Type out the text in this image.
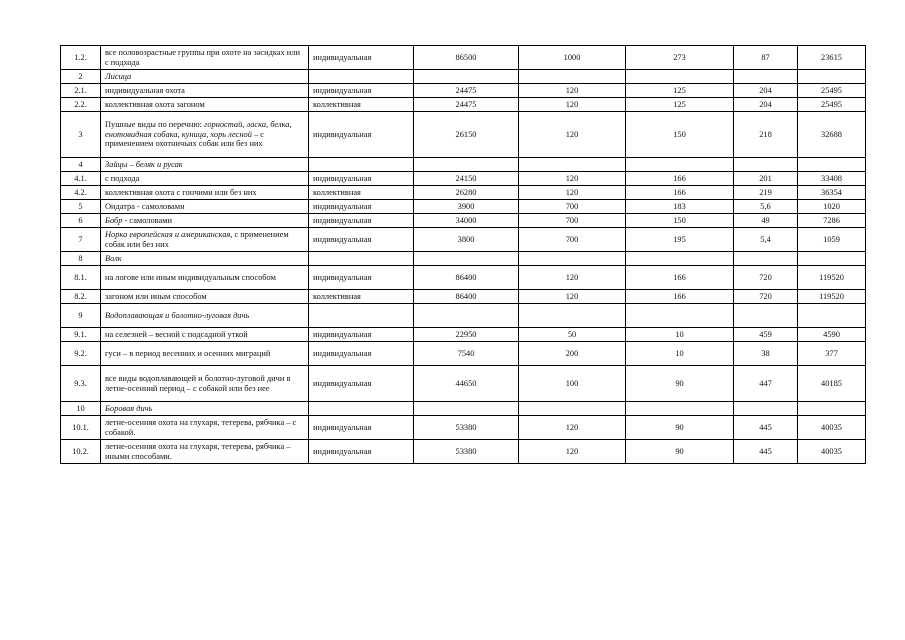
1.2.	все половозрастные группы при охоте на засидках или с подхода	индивидуальная	86500	1000	273	87	23615
2	Лисица						
2.1.	индивидуальная охота	индивидуальная	24475	120	125	204	25495
2.2.	коллективная охота загоном	коллективная	24475	120	125	204	25495
3	Пушные виды по перечню: горностай, ласка, белка, енотовидная собака, куница, хорь лесной – с применением охотничьих собак или без них	индивидуальная	26150	120	150	218	32688
4	Зайцы – беляк и русак						
4.1.	с подхода	индивидуальная	24150	120	166	201	33408
4.2.	коллективная охота с гончими или без них	коллективная	26280	120	166	219	36354
5	Ондатра - самоловами	индивидуальная	3900	700	183	5,6	1020
6	Бобр - самоловами	индивидуальная	34000	700	150	49	7286
7	Норка европейская и американская, с применением собак или без них	индивидуальная	3800	700	195	5,4	1059
8	Волк						
8.1.	на логове или иным индивидуальным способом	индивидуальная	86400	120	166	720	119520
8.2.	загоном или иным способом	коллективная	86400	120	166	720	119520
9	Водоплавающая и болотно-луговая дичь						
9.1.	на селезней – весной с подсадной уткой	индивидуальная	22950	50	10	459	4590
9.2.	гуси – в период весенних и осенних миграций	индивидуальная	7540	200	10	38	377
9.3.	все виды водоплавающей и болотно-луговой дичи в летне-осенний период – с собакой или без нее	индивидуальная	44650	100	90	447	40185
10	Боровая дичь						
10.1.	летне-осенняя охота на глухаря, тетерева, рябчика – с собакой.	индивидуальная	53380	120	90	445	40035
10.2.	летне-осенняя охота на глухаря, тетерева, рябчика – иными способами.	индивидуальная	53380	120	90	445	40035
